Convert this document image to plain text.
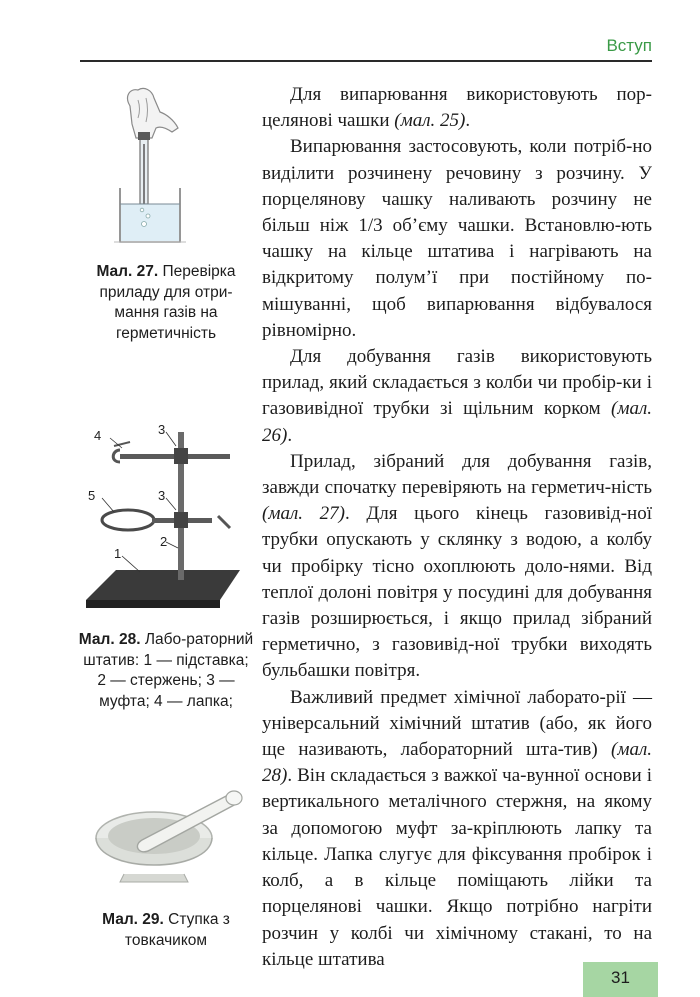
Вступ
Мал. 27. Перевірка приладу для отри-мання газів на герметичність
4	3
5	3
2
1
Мал. 28. Лабо-раторний штатив: 1 — підставка; 2 — стержень; 3 — муфта; 4 — лапка;
Мал. 29. Ступка з товкачиком

Для випарювання використовують пор-целянові чашки (мал. 25).

Випарювання застосовують, коли потріб-но виділити розчинену речовину з розчину. У порцелянову чашку наливають розчину не більш ніж 1/3 об’єму чашки. Встановлю-ють чашку на кільце штатива і нагрівають на відкритому полум’ї при постійному по-мішуванні, щоб випарювання відбувалося рівномірно.

Для добування газів використовують прилад, який складається з колби чи пробір-ки і газовивідної трубки зі щільним корком (мал. 26).

Прилад, зібраний для добування газів, завжди спочатку перевіряють на герметич-ність (мал. 27). Для цього кінець газовивід-ної трубки опускають у склянку з водою, а колбу чи пробірку тісно охоплюють доло-нями. Від теплої долоні повітря у посудині для добування газів розширюється, і якщо прилад зібраний герметично, з газовивід-ної трубки виходять бульбашки повітря.

Важливий предмет хімічної лаборато-рії — універсальний хімічний штатив (або, як його ще називають, лабораторний шта-тив) (мал. 28). Він складається з важкої ча-вунної основи і вертикального металічного стержня, на якому за допомогою муфт за-кріплюють лапку та кільце. Лапка слугує для фіксування пробірок і колб, а в кільце поміщають лійки та порцелянові чашки. Якщо потрібно нагріти розчин у колбі чи хімічному стакані, то на кільце штатива

31
